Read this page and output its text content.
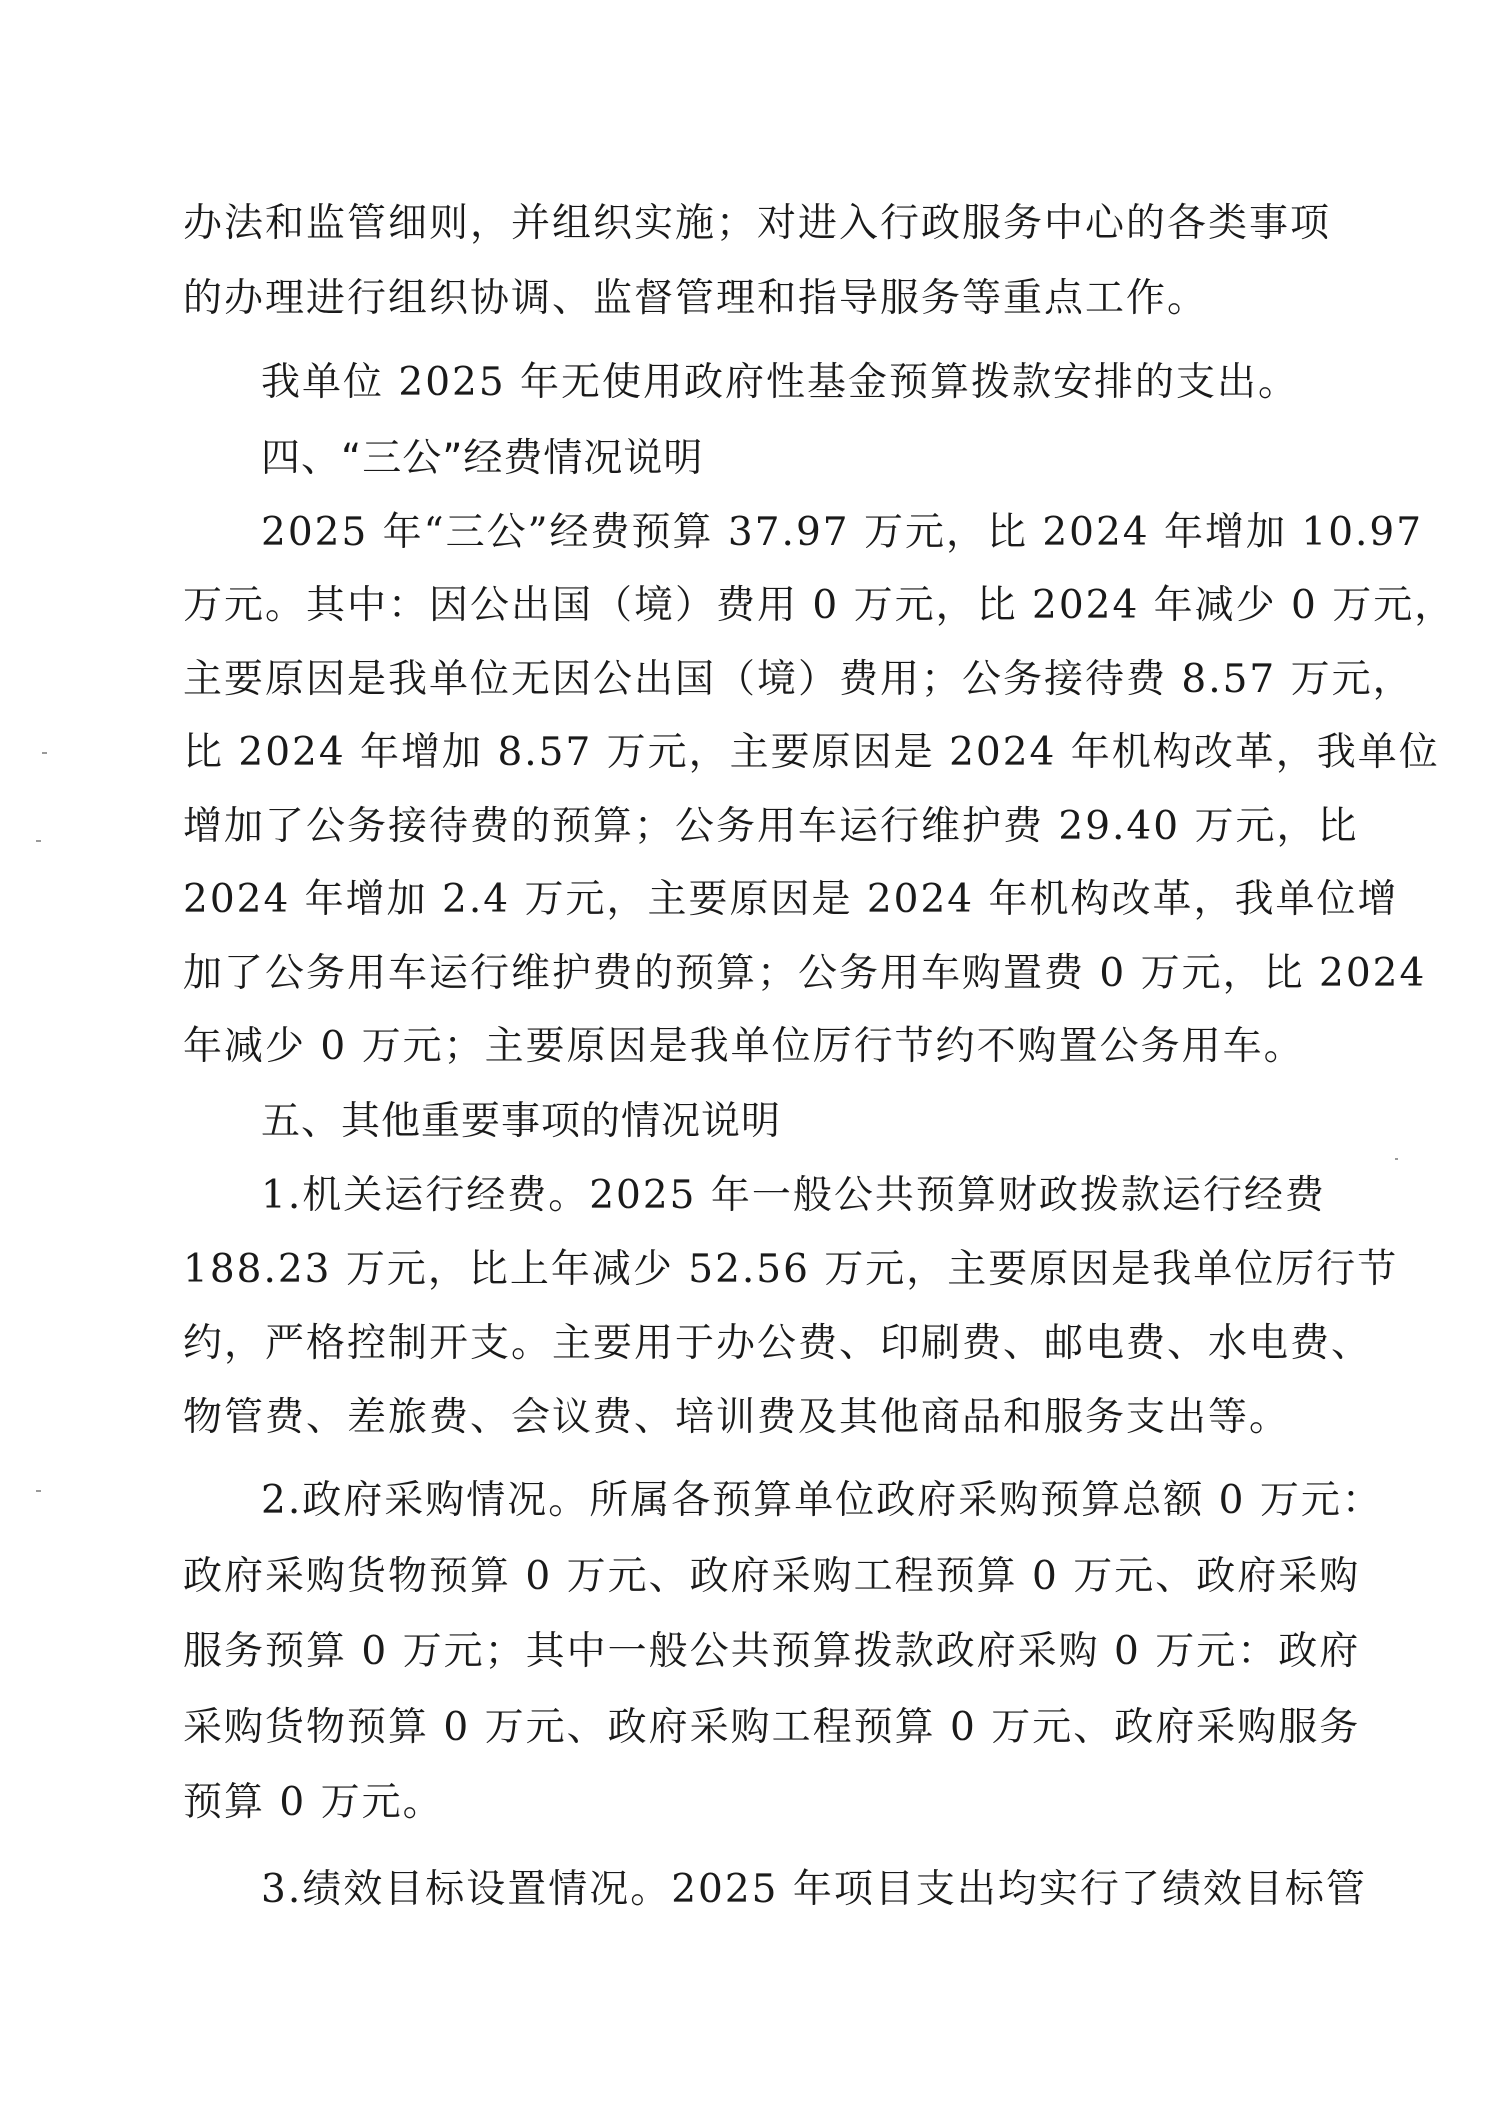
办法和监管细则，并组织实施；对进入行政服务中心的各类事项
的办理进行组织协调、监督管理和指导服务等重点工作。
我单位 2025 年无使用政府性基金预算拨款安排的支出。
四、“三公”经费情况说明
2025 年“三公”经费预算 37.97 万元，比 2024 年增加 10.97
万元。其中：因公出国（境）费用 0 万元，比 2024 年减少 0 万元，
主要原因是我单位无因公出国（境）费用；公务接待费 8.57 万元，
比 2024 年增加 8.57 万元，主要原因是 2024 年机构改革，我单位
增加了公务接待费的预算；公务用车运行维护费 29.40 万元，比
2024 年增加 2.4 万元，主要原因是 2024 年机构改革，我单位增
加了公务用车运行维护费的预算；公务用车购置费 0 万元，比 2024
年减少 0 万元；主要原因是我单位厉行节约不购置公务用车。
五、其他重要事项的情况说明
1.机关运行经费。2025 年一般公共预算财政拨款运行经费
188.23 万元，比上年减少 52.56 万元，主要原因是我单位厉行节
约，严格控制开支。主要用于办公费、印刷费、邮电费、水电费、
物管费、差旅费、会议费、培训费及其他商品和服务支出等。
2.政府采购情况。所属各预算单位政府采购预算总额 0 万元：
政府采购货物预算 0 万元、政府采购工程预算 0 万元、政府采购
服务预算 0 万元；其中一般公共预算拨款政府采购 0 万元：政府
采购货物预算 0 万元、政府采购工程预算 0 万元、政府采购服务
预算 0 万元。
3.绩效目标设置情况。2025 年项目支出均实行了绩效目标管
